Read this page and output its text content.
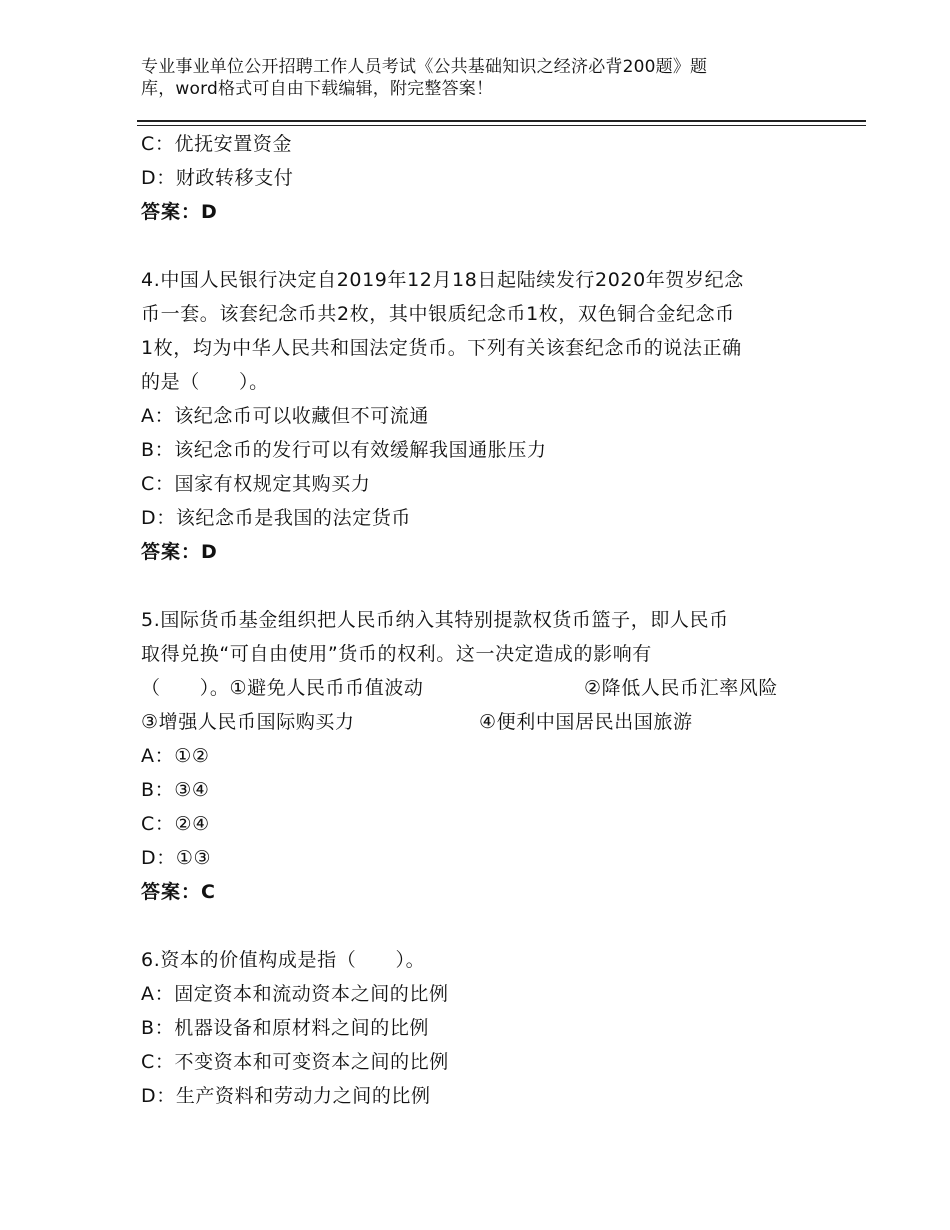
专业事业单位公开招聘工作人员考试《公共基础知识之经济必背200题》题
库，word格式可自由下载编辑，附完整答案！
C：优抚安置资金
D：财政转移支付
答案：D
4.中国人民银行决定自2019年12月18日起陆续发行2020年贺岁纪念
币一套。该套纪念币共2枚，其中银质纪念币1枚，双色铜合金纪念币
1枚，均为中华人民共和国法定货币。下列有关该套纪念币的说法正确
的是（　　）。
A：该纪念币可以收藏但不可流通
B：该纪念币的发行可以有效缓解我国通胀压力
C：国家有权规定其购买力
D：该纪念币是我国的法定货币
答案：D
5.国际货币基金组织把人民币纳入其特别提款权货币篮子，即人民币
取得兑换“可自由使用”货币的权利。这一决定造成的影响有
（　　）。①避免人民币币值波动	②降低人民币汇率风险
③增强人民币国际购买力	④便利中国居民出国旅游
A：①②
B：③④
C：②④
D：①③
答案：C
6.资本的价值构成是指（　　）。
A：固定资本和流动资本之间的比例
B：机器设备和原材料之间的比例
C：不变资本和可变资本之间的比例
D：生产资料和劳动力之间的比例
